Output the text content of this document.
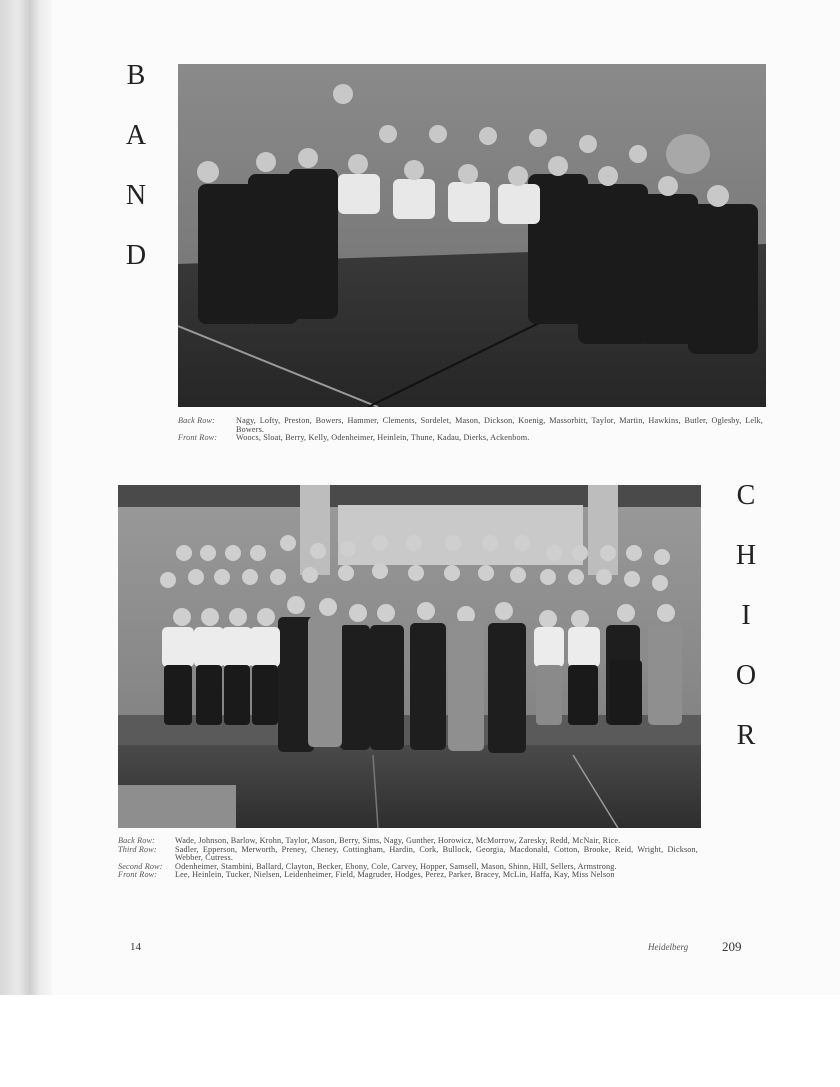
B
A
N
D
Back Row:	Nagy, Lofty, Preston, Bowers, Hammer, Clements, Sordelet, Mason, Dickson, Koenig, Massorbitt, Taylor, Martin, Hawkins, Butler, Oglesby, Lelk, Bowers.
Front Row:	Woocs, Sloat, Berry, Kelly, Odenheimer, Heinlein, Thune, Kadau, Dierks, Ackenbom.
Back Row:	Wade, Johnson, Barlow, Krohn, Taylor, Mason, Berry, Sims, Nagy, Gunther, Horowicz, McMorrow, Zaresky, Redd, McNair, Rice.
Third Row:	Sadler, Epperson, Merworth, Preney, Cheney, Cottingham, Hardin, Cork, Bullock, Georgia, Macdonald, Cotton, Brooke, Reid, Wright, Dickson, Webber, Cutress.
Second Row:	Odenheimer, Stambini, Ballard, Clayton, Becker, Ebony, Cole, Carvey, Hopper, Samsell, Mason, Shinn, Hill, Sellers, Armstrong.
Front Row:	Lee, Heinlein, Tucker, Nielsen, Leidenheimer, Field, Magruder, Hodges, Perez, Parker, Bracey, McLin, Haffa, Kay, Miss Nelson
C
H
I
O
R
14	Heidelberg	209
